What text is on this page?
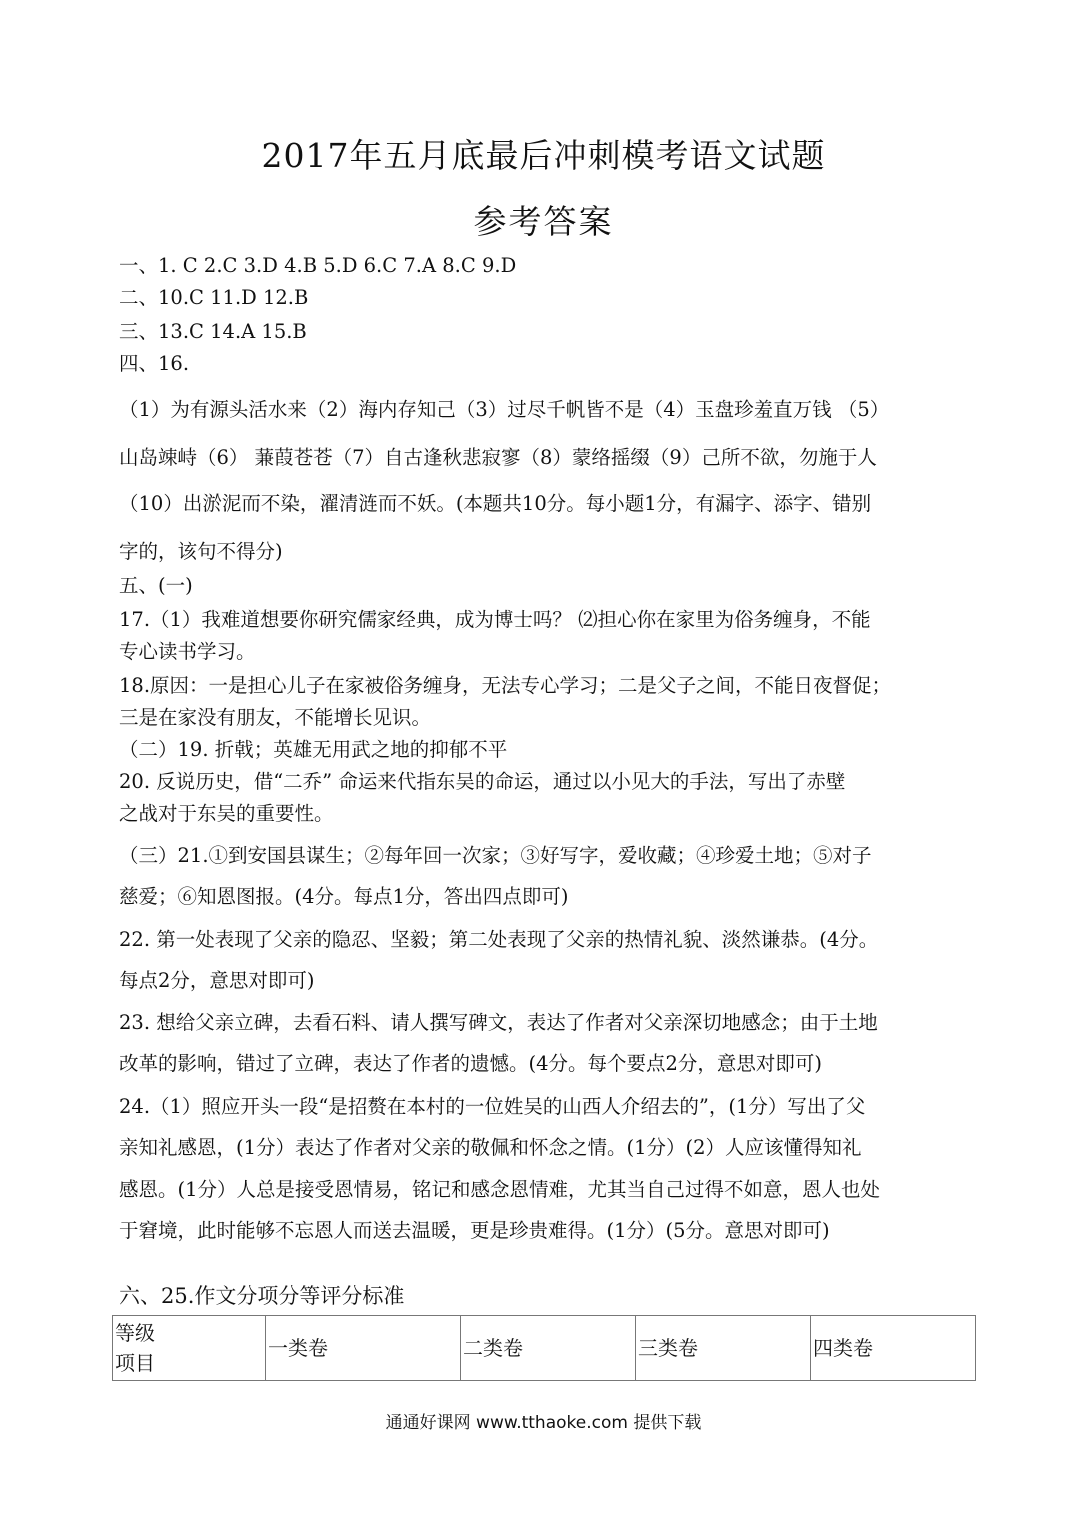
2017年五月底最后冲刺模考语文试题
参考答案
一、1. C 2.C 3.D 4.B 5.D 6.C 7.A 8.C 9.D
二、10.C 11.D 12.B
三、13.C 14.A 15.B
四、16.
（1）为有源头活水来（2）海内存知己（3）过尽千帆皆不是（4）玉盘珍羞直万钱 （5）
山岛竦峙（6） 蒹葭苍苍（7）自古逢秋悲寂寥（8）蒙络摇缀（9）己所不欲，勿施于人
（10）出淤泥而不染，濯清涟而不妖。(本题共10分。每小题1分，有漏字、添字、错别
字的，该句不得分)
五、(一)
17.（1）我难道想要你研究儒家经典，成为博士吗？ ⑵担心你在家里为俗务缠身，不能
专心读书学习。
18.原因：一是担心儿子在家被俗务缠身，无法专心学习；二是父子之间，不能日夜督促；
三是在家没有朋友，不能增长见识。
（二）19. 折戟；英雄无用武之地的抑郁不平
20. 反说历史，借“二乔” 命运来代指东吴的命运，通过以小见大的手法，写出了赤壁
之战对于东吴的重要性。
（三）21.①到安国县谋生；②每年回一次家；③好写字，爱收藏；④珍爱土地；⑤对子
慈爱；⑥知恩图报。(4分。每点1分，答出四点即可)
22. 第一处表现了父亲的隐忍、坚毅；第二处表现了父亲的热情礼貌、淡然谦恭。(4分。
每点2分，意思对即可)
23. 想给父亲立碑，去看石料、请人撰写碑文，表达了作者对父亲深切地感念；由于土地
改革的影响，错过了立碑，表达了作者的遗憾。(4分。每个要点2分，意思对即可)
24.（1）照应开头一段“是招赘在本村的一位姓吴的山西人介绍去的”，(1分）写出了父
亲知礼感恩，(1分）表达了作者对父亲的敬佩和怀念之情。(1分）(2）人应该懂得知礼
感恩。(1分）人总是接受恩情易，铭记和感念恩情难，尤其当自己过得不如意，恩人也处
于窘境，此时能够不忘恩人而送去温暖，更是珍贵难得。(1分）(5分。意思对即可)
六、25.作文分项分等评分标准
等级
项目
	一类卷	二类卷	三类卷	四类卷
通通好课网 www.tthaoke.com 提供下载
